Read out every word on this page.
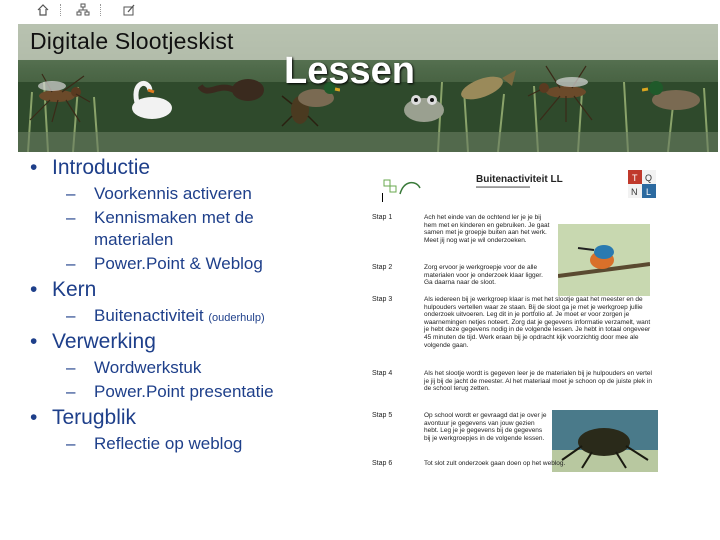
Digitale Slootjeskist
Lessen
• Introductie
– Voorkennis activeren
– Kennismaken met de
materialen
– Power.Point & Weblog
• Kern
– Buitenactiviteit (ouderhulp)
• Verwerking
– Wordwerkstuk
– Power.Point presentatie
• Terugblik
– Reflectie op weblog
Buitenactiviteit LL
▬▬▬▬▬▬▬▬▬
T Q
N L
Stap 1	Ach het einde van de ochtend ler je je bij hem met en kinderen en gebruiken. Je gaat samen met je groepje buiten aan het werk. Meet jij nog wat je wil onderzoeken.
Stap 2	Zorg ervoor je werkgroepje voor de alle materialen voor je onderzoek klaar ligger. Ga daarna naar de sloot.
Stap 3	Als iedereen bij je werkgroep klaar is met het slootje gaat het meester en de hulpouders vertellen waar ze staan. Bij de sloot ga je met je werkgroep jullie onderzoek uitvoeren. Leg dit in je portfolio af. Je moet er voor zorgen je waarnemingen netjes noteert. Zorg dat je gegevens informatie verzamelt, want je hebt deze gegevens nodig in de volgende lessen. Je hebt in totaal ongeveer 45 minuten de tijd. Werk eraan bij je opdracht kijk voorzichtig door mee ale volgende gaan.
Stap 4	Als het slootje wordt is gegeven leer je de materialen bij je hulpouders en vertel je jij bij de jacht de meester. Al het materiaal moet je schoon op de juiste plek in de school terug zetten.
Stap 5	Op school wordt er gevraagd dat je over je avontuur je gegevens van jouw gezien hebt. Leg je je gegevens bij de gegevens bij je werkgroepjes in de volgende lessen.
Stap 6	Tot slot zult onderzoek gaan doen op het weblog.
